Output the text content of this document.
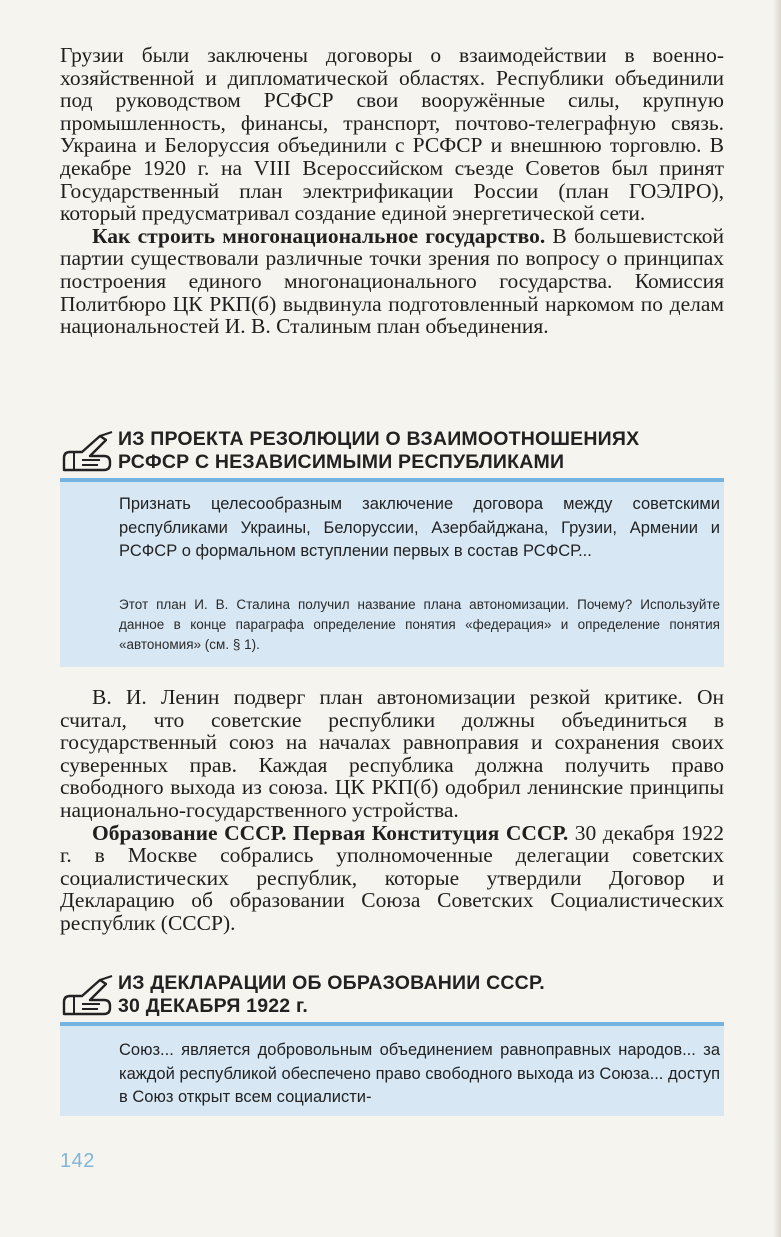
Грузии были заключены договоры о взаимодействии в военно-хозяйственной и дипломатической областях. Республики объединили под руководством РСФСР свои вооружённые силы, крупную промышленность, финансы, транспорт, почтово-телеграфную связь. Украина и Белоруссия объединили с РСФСР и внешнюю торговлю. В декабре 1920 г. на VIII Всероссийском съезде Советов был принят Государственный план электрификации России (план ГОЭЛРО), который предусматривал создание единой энергетической сети.

Как строить многонациональное государство. В большевистской партии существовали различные точки зрения по вопросу о принципах построения единого многонационального государства. Комиссия Политбюро ЦК РКП(б) выдвинула подготовленный наркомом по делам национальностей И. В. Сталиным план объединения.

ИЗ ПРОЕКТА РЕЗОЛЮЦИИ О ВЗАИМООТНОШЕНИЯХ
РСФСР С НЕЗАВИСИМЫМИ РЕСПУБЛИКАМИ

Признать целесообразным заключение договора между советскими республиками Украины, Белоруссии, Азербайджана, Грузии, Армении и РСФСР о формальном вступлении первых в состав РСФСР...

Этот план И. В. Сталина получил название плана автономизации. Почему? Используйте данное в конце параграфа определение понятия «федерация» и определение понятия «автономия» (см. § 1).

В. И. Ленин подверг план автономизации резкой критике. Он считал, что советские республики должны объединиться в государственный союз на началах равноправия и сохранения своих суверенных прав. Каждая республика должна получить право свободного выхода из союза. ЦК РКП(б) одобрил ленинские принципы национально-государственного устройства.

Образование СССР. Первая Конституция СССР. 30 декабря 1922 г. в Москве собрались уполномоченные делегации советских социалистических республик, которые утвердили Договор и Декларацию об образовании Союза Советских Социалистических республик (СССР).

ИЗ ДЕКЛАРАЦИИ ОБ ОБРАЗОВАНИИ СССР.
30 ДЕКАБРЯ 1922 г.

Союз... является добровольным объединением равноправных народов... за каждой республикой обеспечено право свободного выхода из Союза... доступ в Союз открыт всем социалисти-

142
